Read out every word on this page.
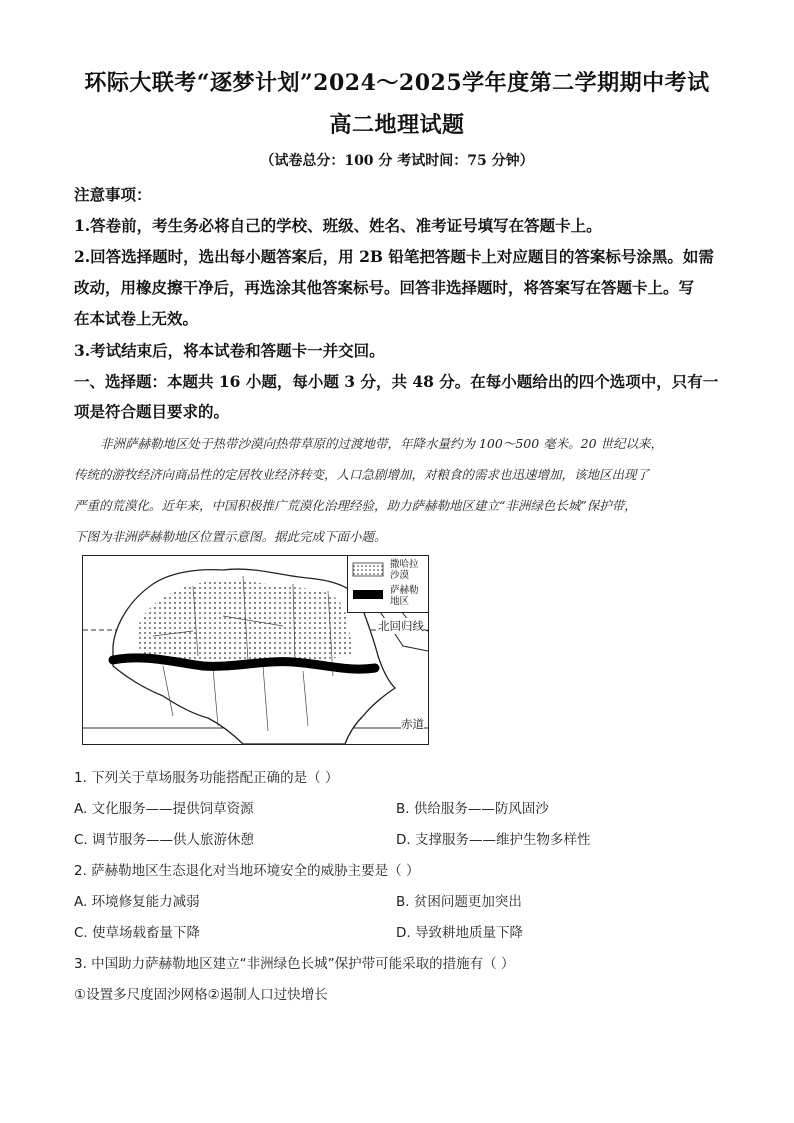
环际大联考“逐梦计划”2024～2025学年度第二学期期中考试
高二地理试题
（试卷总分：100 分 考试时间：75 分钟）
注意事项：
1.答卷前，考生务必将自己的学校、班级、姓名、准考证号填写在答题卡上。
2.回答选择题时，选出每小题答案后，用 2B 铅笔把答题卡上对应题目的答案标号涂黑。如需
改动，用橡皮擦干净后，再选涂其他答案标号。回答非选择题时，将答案写在答题卡上。写
在本试卷上无效。
3.考试结束后，将本试卷和答题卡一并交回。
一、选择题：本题共 16 小题，每小题 3 分，共 48 分。在每小题给出的四个选项中，只有一
项是符合题目要求的。
非洲萨赫勒地区处于热带沙漠向热带草原的过渡地带，年降水量约为 100～500 毫米。20 世纪以来，
传统的游牧经济向商品性的定居牧业经济转变，人口急剧增加，对粮食的需求也迅速增加，该地区出现了
严重的荒漠化。近年来，中国积极推广荒漠化治理经验，助力萨赫勒地区建立“非洲绿色长城”保护带，
下图为非洲萨赫勒地区位置示意图。据此完成下面小题。
撒哈拉
沙漠
萨赫勒
地区
北回归线
赤道
1. 下列关于草场服务功能搭配正确的是（ ）
A. 文化服务——提供饲草资源	B. 供给服务——防风固沙
C. 调节服务——供人旅游休憩	D. 支撑服务——维护生物多样性
2. 萨赫勒地区生态退化对当地环境安全的威胁主要是（ ）
A. 环境修复能力减弱	B. 贫困问题更加突出
C. 使草场载畜量下降	D. 导致耕地质量下降
3. 中国助力萨赫勒地区建立“非洲绿色长城”保护带可能采取的措施有（ ）
①设置多尺度固沙网格②遏制人口过快增长
